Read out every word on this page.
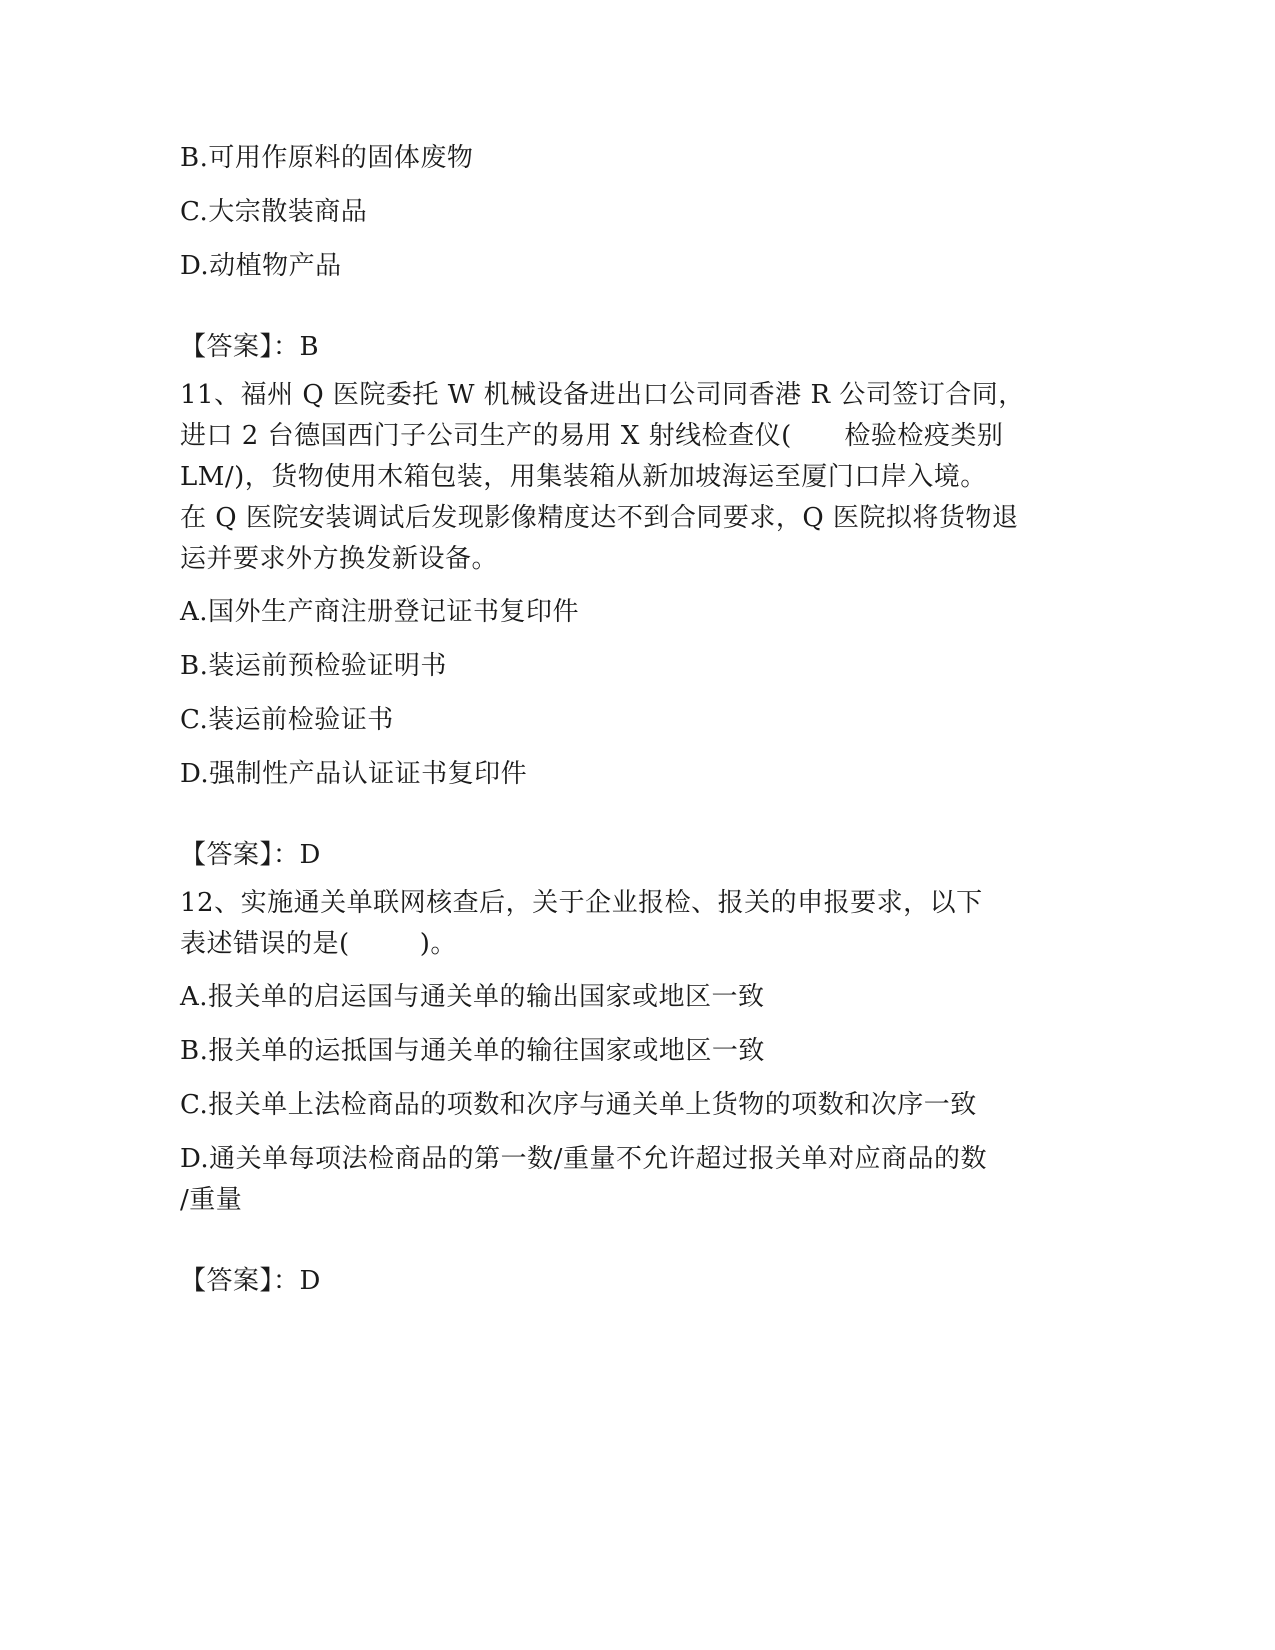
B.可用作原料的固体废物
C.大宗散装商品
D.动植物产品
【答案】：B
11、福州 Q 医院委托 W 机械设备进出口公司同香港 R 公司签订合同，
进口 2 台德国西门子公司生产的易用 X 射线检查仪(      检验检疫类别
LM/)，货物使用木箱包装，用集装箱从新加坡海运至厦门口岸入境。
在 Q 医院安装调试后发现影像精度达不到合同要求，Q 医院拟将货物退
运并要求外方换发新设备。
A.国外生产商注册登记证书复印件
B.装运前预检验证明书
C.装运前检验证书
D.强制性产品认证证书复印件
【答案】：D
12、实施通关单联网核查后，关于企业报检、报关的申报要求，以下
表述错误的是(        )。
A.报关单的启运国与通关单的输出国家或地区一致
B.报关单的运抵国与通关单的输往国家或地区一致
C.报关单上法检商品的项数和次序与通关单上货物的项数和次序一致
D.通关单每项法检商品的第一数/重量不允许超过报关单对应商品的数
/重量
【答案】：D
